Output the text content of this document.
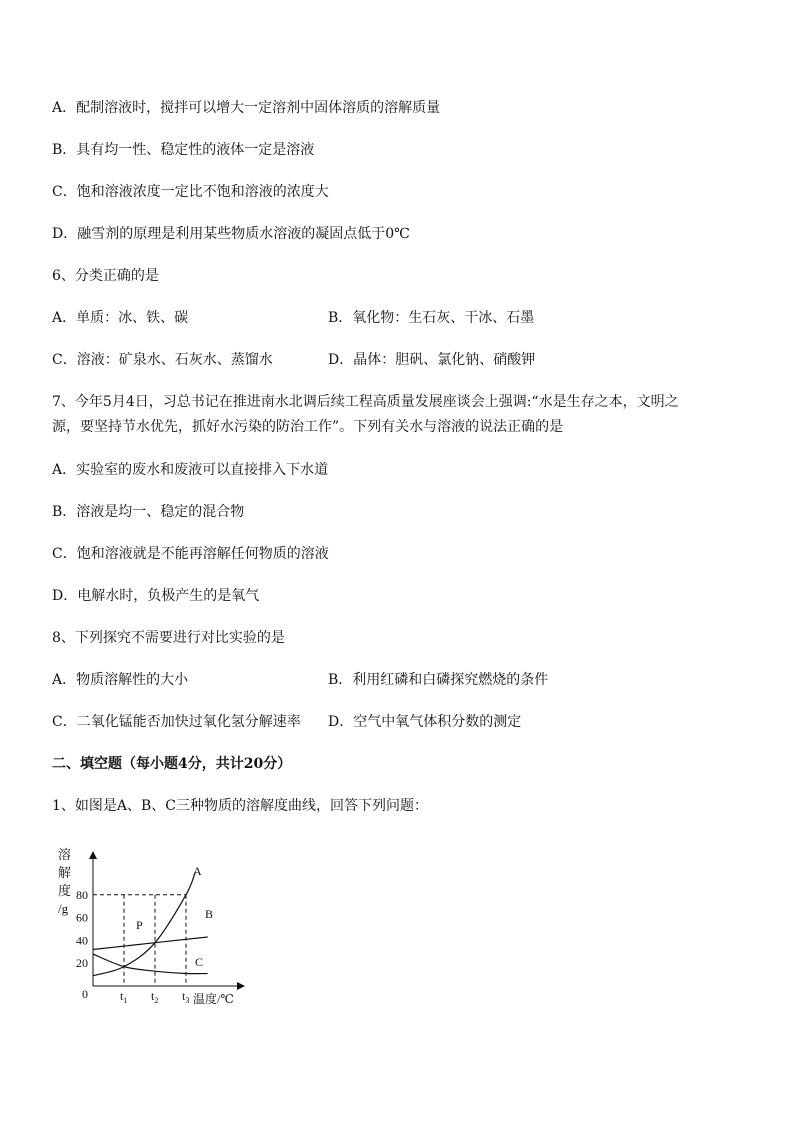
A．配制溶液时，搅拌可以增大一定溶剂中固体溶质的溶解质量
B．具有均一性、稳定性的液体一定是溶液
C．饱和溶液浓度一定比不饱和溶液的浓度大
D．融雪剂的原理是利用某些物质水溶液的凝固点低于0℃
6、分类正确的是
A．单质：冰、铁、碳	B．氧化物：生石灰、干冰、石墨
C．溶液：矿泉水、石灰水、蒸馏水	D．晶体：胆矾、氯化钠、硝酸钾
7、今年5月4日，习总书记在推进南水北调后续工程高质量发展座谈会上强调:“水是生存之本，文明之
源，要坚持节水优先，抓好水污染的防治工作”。下列有关水与溶液的说法正确的是
A．实验室的废水和废液可以直接排入下水道
B．溶液是均一、稳定的混合物
C．饱和溶液就是不能再溶解任何物质的溶液
D．电解水时，负极产生的是氧气
8、下列探究不需要进行对比实验的是
A．物质溶解性的大小	B．利用红磷和白磷探究燃烧的条件
C．二氧化锰能否加快过氧化氢分解速率 D．空气中氧气体积分数的测定
二、填空题（每小题4分，共计20分）
1、如图是A、B、C三种物质的溶解度曲线，回答下列问题：
溶
解
度
/g
0
20
40
60
80
$t_1$ $t_2$ $t_3$
A
B
C
P
温度/℃
